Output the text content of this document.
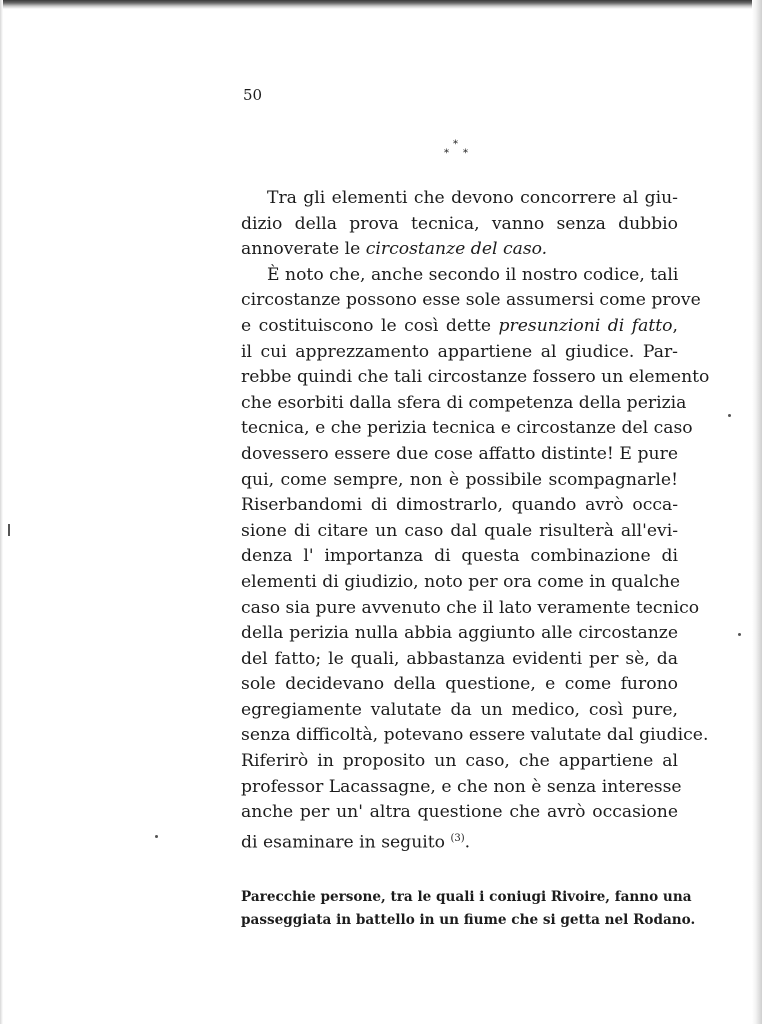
50
*
* *
Tra gli elementi che devono concorrere al giu-
dizio della prova tecnica, vanno senza dubbio
annoverate le circostanze del caso.
È noto che, anche secondo il nostro codice, tali
circostanze possono esse sole assumersi come prove
e costituiscono le così dette presunzioni di fatto,
il cui apprezzamento appartiene al giudice. Par-
rebbe quindi che tali circostanze fossero un elemento
che esorbiti dalla sfera di competenza della perizia
tecnica, e che perizia tecnica e circostanze del caso
dovessero essere due cose affatto distinte! E pure
qui, come sempre, non è possibile scompagnarle!
Riserbandomi di dimostrarlo, quando avrò occa-
sione di citare un caso dal quale risulterà all'evi-
denza l' importanza di questa combinazione di
elementi di giudizio, noto per ora come in qualche
caso sia pure avvenuto che il lato veramente tecnico
della perizia nulla abbia aggiunto alle circostanze
del fatto; le quali, abbastanza evidenti per sè, da
sole decidevano della questione, e come furono
egregiamente valutate da un medico, così pure,
senza difficoltà, potevano essere valutate dal giudice.
Riferirò in proposito un caso, che appartiene al
professor Lacassagne, e che non è senza interesse
anche per un' altra questione che avrò occasione
di esaminare in seguito $^{(3)}$.
Parecchie persone, tra le quali i coniugi Rivoire, fanno una
passeggiata in battello in un fiume che si getta nel Rodano.
